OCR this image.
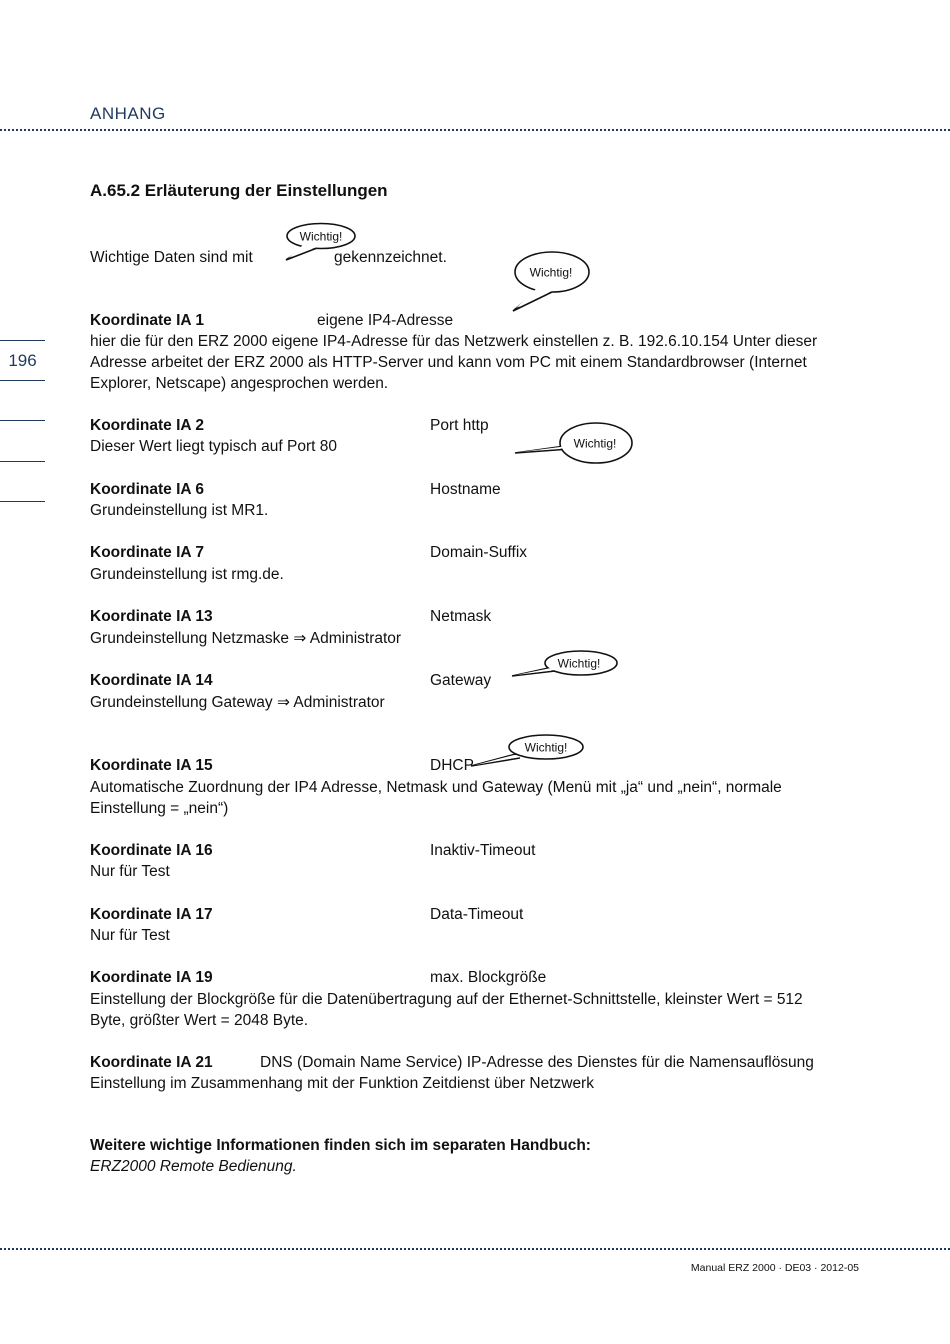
ANHANG
196
A.65.2 Erläuterung der Einstellungen
Wichtige Daten sind mit	gekennzeichnet.
Wichtig!
Wichtig!
Wichtig!
Wichtig!
Wichtig!
Koordinate IA 1	eigene IP4-Adresse
hier die für den ERZ 2000 eigene IP4-Adresse für das Netzwerk einstellen z. B. 192.6.10.154 Unter dieser
Adresse arbeitet der ERZ 2000 als HTTP-Server und kann vom PC mit einem Standardbrowser (Internet
Explorer, Netscape) angesprochen werden.
Koordinate IA 2	Port http
Dieser Wert liegt typisch auf Port 80
Koordinate IA 6	Hostname
Grundeinstellung ist MR1.
Koordinate IA 7	Domain-Suffix
Grundeinstellung ist rmg.de.
Koordinate IA 13	Netmask
Grundeinstellung Netzmaske ⇒ Administrator
Koordinate IA 14	Gateway
Grundeinstellung Gateway ⇒ Administrator
Koordinate IA 15	DHCP
Automatische Zuordnung der IP4 Adresse, Netmask und Gateway (Menü mit „ja“ und „nein“, normale
Einstellung = „nein“)
Koordinate IA 16	Inaktiv-Timeout
Nur für Test
Koordinate IA 17	Data-Timeout
Nur für Test
Koordinate IA 19	max. Blockgröße
Einstellung der Blockgröße für die Datenübertragung auf der Ethernet-Schnittstelle, kleinster Wert = 512
Byte, größter Wert = 2048 Byte.
Koordinate IA 21	DNS (Domain Name Service) IP-Adresse des Dienstes für die Namensauflösung
Einstellung im Zusammenhang mit der Funktion Zeitdienst über Netzwerk
Weitere wichtige Informationen finden sich im separaten Handbuch:
ERZ2000 Remote Bedienung.
Manual ERZ 2000 · DE03 · 2012-05
